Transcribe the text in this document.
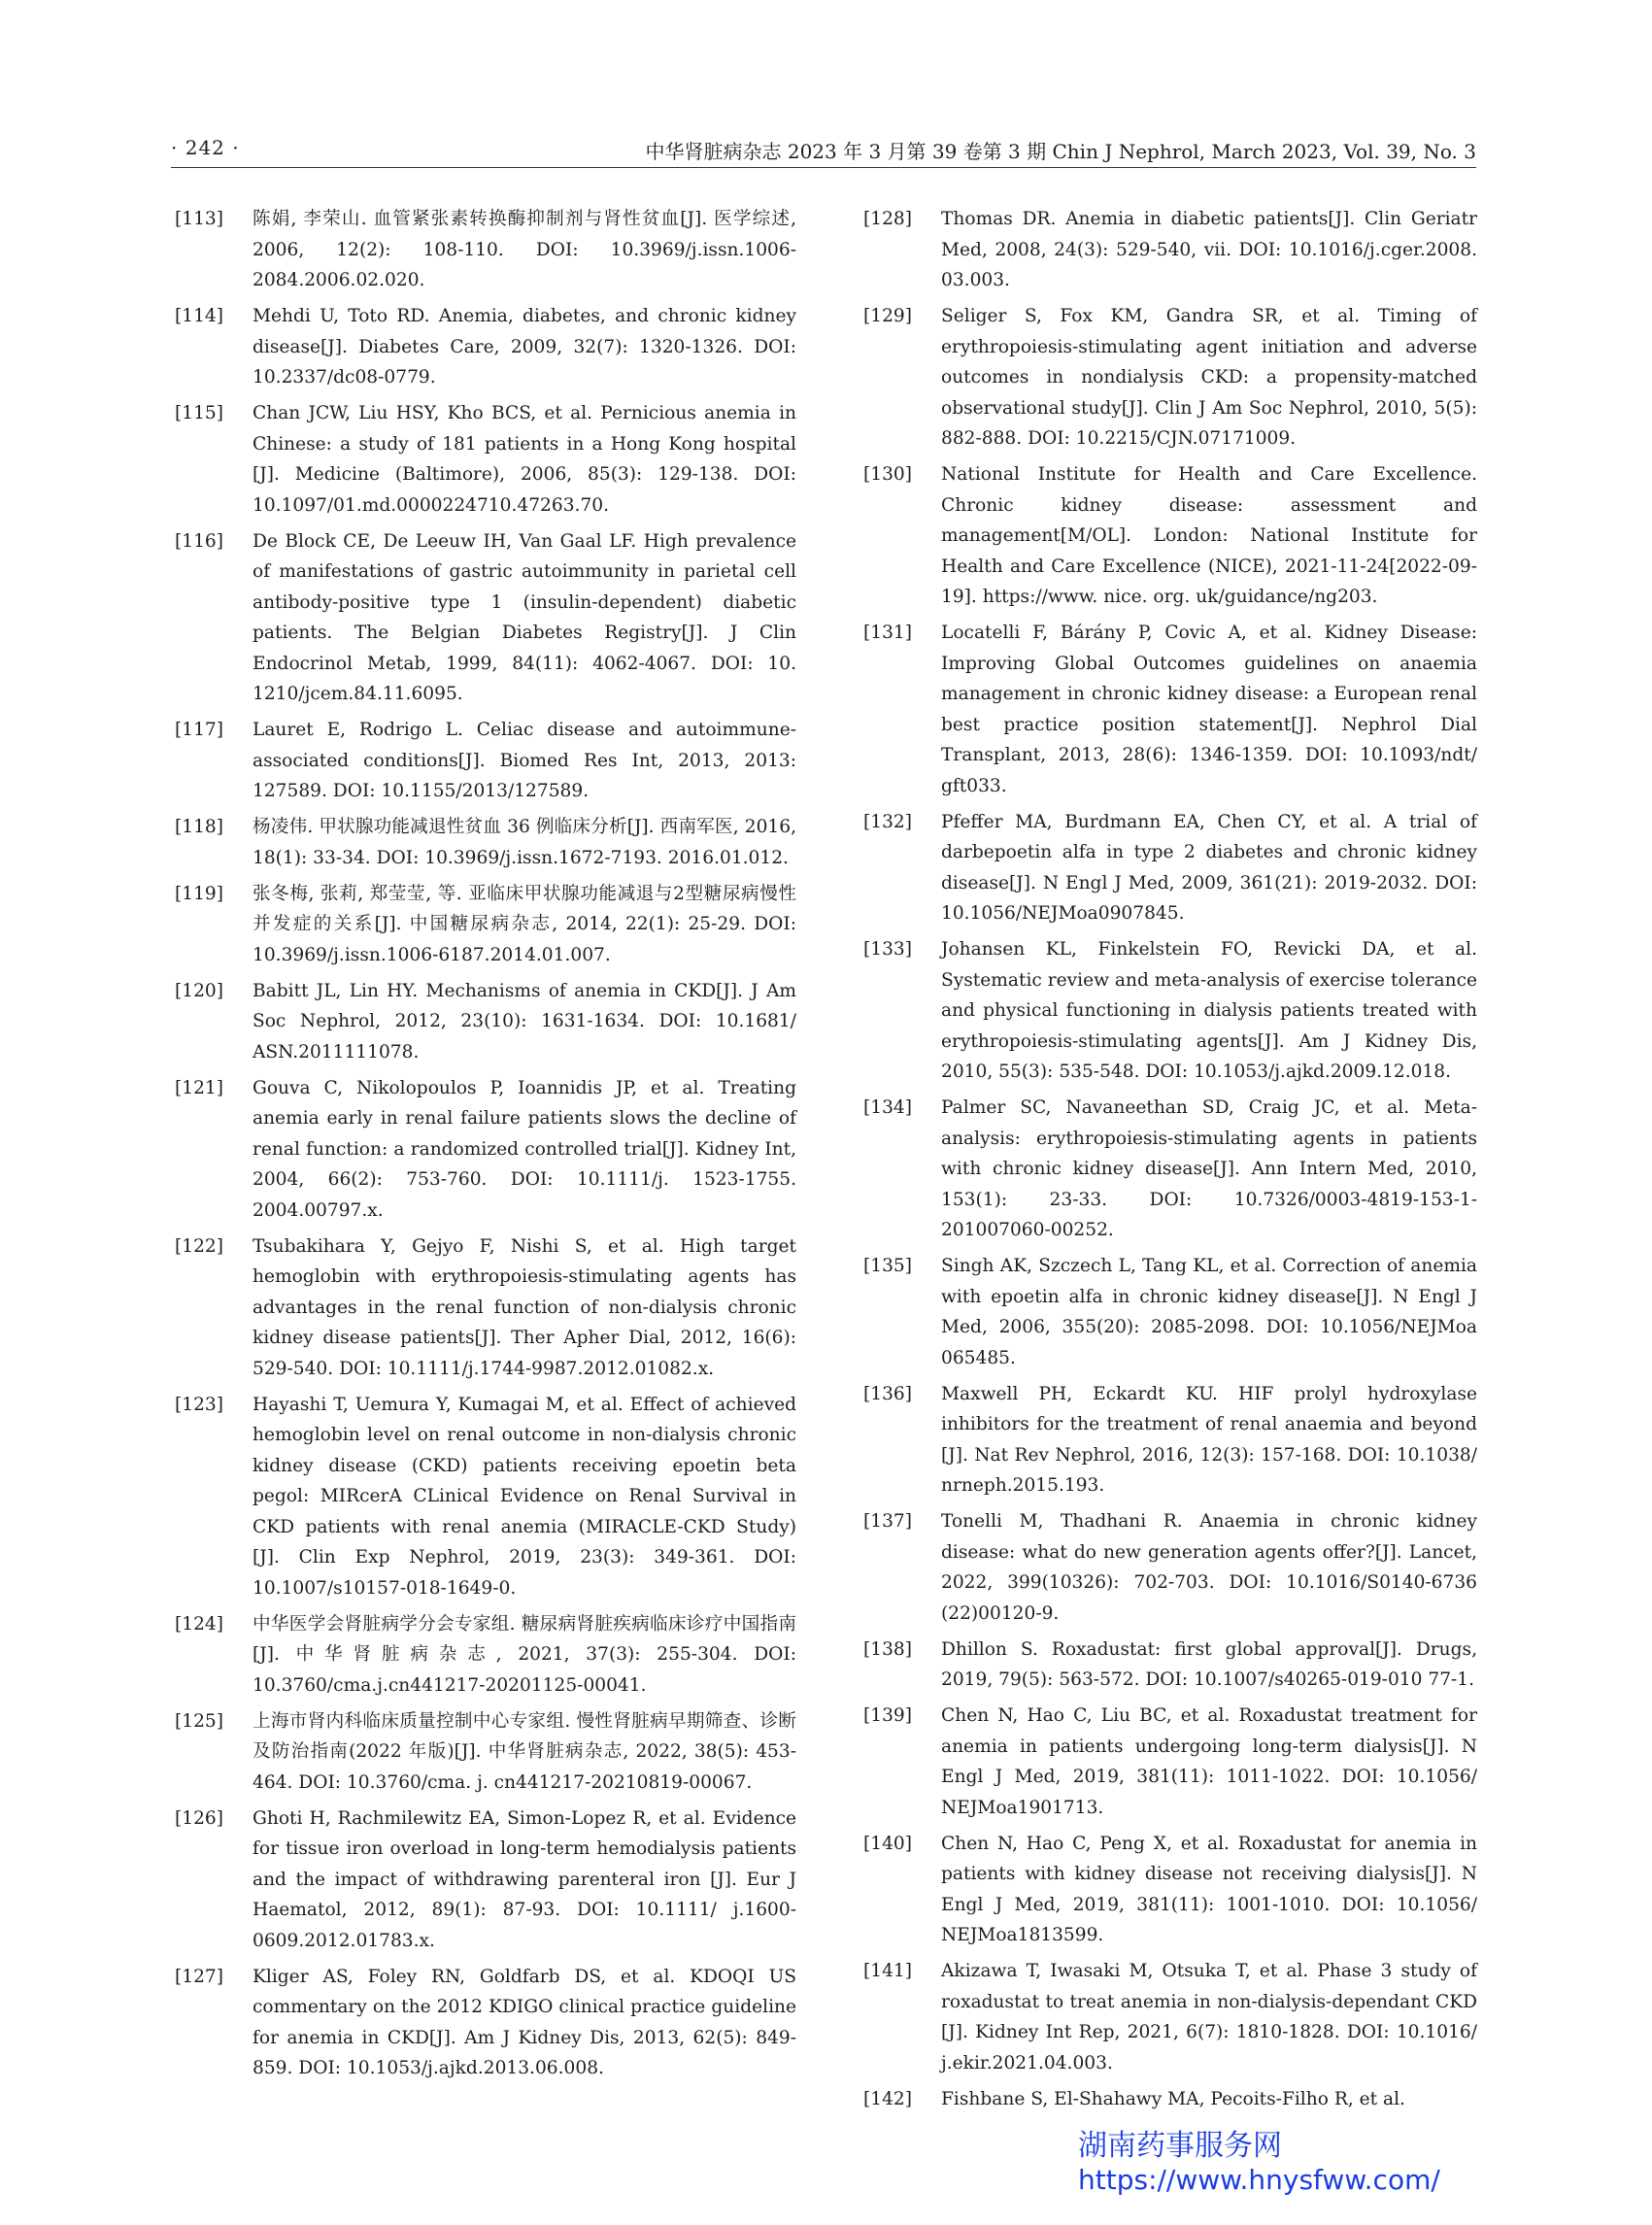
· 242 ·	中华肾脏病杂志 2023 年 3 月第 39 卷第 3 期 Chin J Nephrol, March 2023, Vol. 39, No. 3
[113] 陈娟, 李荣山. 血管紧张素转换酶抑制剂与肾性贫血[J]. 医学综述, 2006, 12(2): 108-110. DOI: 10.3969/j.issn.1006-2084.2006.02.020.
[114] Mehdi U, Toto RD. Anemia, diabetes, and chronic kidney disease[J]. Diabetes Care, 2009, 32(7): 1320-1326. DOI: 10.2337/dc08-0779.
[115] Chan JCW, Liu HSY, Kho BCS, et al. Pernicious anemia in Chinese: a study of 181 patients in a Hong Kong hospital [J]. Medicine (Baltimore), 2006, 85(3): 129-138. DOI: 10.1097/01.md.0000224710.47263.70.
[116] De Block CE, De Leeuw IH, Van Gaal LF. High prevalence of manifestations of gastric autoimmunity in parietal cell antibody-positive type 1 (insulin-dependent) diabetic patients. The Belgian Diabetes Registry[J]. J Clin Endocrinol Metab, 1999, 84(11): 4062-4067. DOI: 10. 1210/jcem.84.11.6095.
[117] Lauret E, Rodrigo L. Celiac disease and autoimmune-associated conditions[J]. Biomed Res Int, 2013, 2013: 127589. DOI: 10.1155/2013/127589.
[118] 杨凌伟. 甲状腺功能减退性贫血 36 例临床分析[J]. 西南军医, 2016, 18(1): 33-34. DOI: 10.3969/j.issn.1672-7193. 2016.01.012.
[119] 张冬梅, 张莉, 郑莹莹, 等. 亚临床甲状腺功能减退与2型糖尿病慢性并发症的关系[J]. 中国糖尿病杂志, 2014, 22(1): 25-29. DOI: 10.3969/j.issn.1006-6187.2014.01.007.
[120] Babitt JL, Lin HY. Mechanisms of anemia in CKD[J]. J Am Soc Nephrol, 2012, 23(10): 1631-1634. DOI: 10.1681/ ASN.2011111078.
[121] Gouva C, Nikolopoulos P, Ioannidis JP, et al. Treating anemia early in renal failure patients slows the decline of renal function: a randomized controlled trial[J]. Kidney Int, 2004, 66(2): 753-760. DOI: 10.1111/j. 1523-1755. 2004.00797.x.
[122] Tsubakihara Y, Gejyo F, Nishi S, et al. High target hemoglobin with erythropoiesis-stimulating agents has advantages in the renal function of non-dialysis chronic kidney disease patients[J]. Ther Apher Dial, 2012, 16(6): 529-540. DOI: 10.1111/j.1744-9987.2012.01082.x.
[123] Hayashi T, Uemura Y, Kumagai M, et al. Effect of achieved hemoglobin level on renal outcome in non-dialysis chronic kidney disease (CKD) patients receiving epoetin beta pegol: MIRcerA CLinical Evidence on Renal Survival in CKD patients with renal anemia (MIRACLE-CKD Study) [J]. Clin Exp Nephrol, 2019, 23(3): 349-361. DOI: 10.1007/s10157-018-1649-0.
[124] 中华医学会肾脏病学分会专家组. 糖尿病肾脏疾病临床诊疗中国指南[J]. 中华肾脏病杂志, 2021, 37(3): 255-304. DOI: 10.3760/cma.j.cn441217-20201125-00041.
[125] 上海市肾内科临床质量控制中心专家组. 慢性肾脏病早期筛查、诊断及防治指南(2022 年版)[J]. 中华肾脏病杂志, 2022, 38(5): 453-464. DOI: 10.3760/cma. j. cn441217-20210819-00067.
[126] Ghoti H, Rachmilewitz EA, Simon-Lopez R, et al. Evidence for tissue iron overload in long-term hemodialysis patients and the impact of withdrawing parenteral iron [J]. Eur J Haematol, 2012, 89(1): 87-93. DOI: 10.1111/ j.1600-0609.2012.01783.x.
[127] Kliger AS, Foley RN, Goldfarb DS, et al. KDOQI US commentary on the 2012 KDIGO clinical practice guideline for anemia in CKD[J]. Am J Kidney Dis, 2013, 62(5): 849-859. DOI: 10.1053/j.ajkd.2013.06.008.
[128] Thomas DR. Anemia in diabetic patients[J]. Clin Geriatr Med, 2008, 24(3): 529-540, vii. DOI: 10.1016/j.cger.2008. 03.003.
[129] Seliger S, Fox KM, Gandra SR, et al. Timing of erythropoiesis-stimulating agent initiation and adverse outcomes in nondialysis CKD: a propensity-matched observational study[J]. Clin J Am Soc Nephrol, 2010, 5(5): 882-888. DOI: 10.2215/CJN.07171009.
[130] National Institute for Health and Care Excellence. Chronic kidney disease: assessment and management[M/OL]. London: National Institute for Health and Care Excellence (NICE), 2021-11-24[2022-09-19]. https://www. nice. org. uk/guidance/ng203.
[131] Locatelli F, Bárány P, Covic A, et al. Kidney Disease: Improving Global Outcomes guidelines on anaemia management in chronic kidney disease: a European renal best practice position statement[J]. Nephrol Dial Transplant, 2013, 28(6): 1346-1359. DOI: 10.1093/ndt/ gft033.
[132] Pfeffer MA, Burdmann EA, Chen CY, et al. A trial of darbepoetin alfa in type 2 diabetes and chronic kidney disease[J]. N Engl J Med, 2009, 361(21): 2019-2032. DOI: 10.1056/NEJMoa0907845.
[133] Johansen KL, Finkelstein FO, Revicki DA, et al. Systematic review and meta-analysis of exercise tolerance and physical functioning in dialysis patients treated with erythropoiesis-stimulating agents[J]. Am J Kidney Dis, 2010, 55(3): 535-548. DOI: 10.1053/j.ajkd.2009.12.018.
[134] Palmer SC, Navaneethan SD, Craig JC, et al. Meta-analysis: erythropoiesis-stimulating agents in patients with chronic kidney disease[J]. Ann Intern Med, 2010, 153(1): 23-33. DOI: 10.7326/0003-4819-153-1-201007060-00252.
[135] Singh AK, Szczech L, Tang KL, et al. Correction of anemia with epoetin alfa in chronic kidney disease[J]. N Engl J Med, 2006, 355(20): 2085-2098. DOI: 10.1056/NEJMoa 065485.
[136] Maxwell PH, Eckardt KU. HIF prolyl hydroxylase inhibitors for the treatment of renal anaemia and beyond [J]. Nat Rev Nephrol, 2016, 12(3): 157-168. DOI: 10.1038/ nrneph.2015.193.
[137] Tonelli M, Thadhani R. Anaemia in chronic kidney disease: what do new generation agents offer?[J]. Lancet, 2022, 399(10326): 702-703. DOI: 10.1016/S0140-6736 (22)00120-9.
[138] Dhillon S. Roxadustat: first global approval[J]. Drugs, 2019, 79(5): 563-572. DOI: 10.1007/s40265-019-010 77-1.
[139] Chen N, Hao C, Liu BC, et al. Roxadustat treatment for anemia in patients undergoing long-term dialysis[J]. N Engl J Med, 2019, 381(11): 1011-1022. DOI: 10.1056/ NEJMoa1901713.
[140] Chen N, Hao C, Peng X, et al. Roxadustat for anemia in patients with kidney disease not receiving dialysis[J]. N Engl J Med, 2019, 381(11): 1001-1010. DOI: 10.1056/ NEJMoa1813599.
[141] Akizawa T, Iwasaki M, Otsuka T, et al. Phase 3 study of roxadustat to treat anemia in non-dialysis-dependant CKD [J]. Kidney Int Rep, 2021, 6(7): 1810-1828. DOI: 10.1016/ j.ekir.2021.04.003.
[142] Fishbane S, El-Shahawy MA, Pecoits-Filho R, et al.
湖南药事服务网
https://www.hnysfww.com/
